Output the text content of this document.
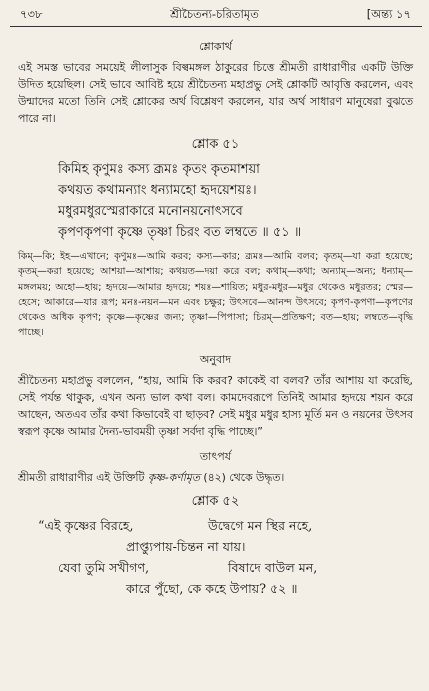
৭৩৮	শ্রীচৈতন্য-চরিতামৃত	[অন্ত্য ১৭
শ্লোকার্থ
এই সমস্ত ভাবের সময়েই লীলাসুক বিল্বমঙ্গল ঠাকুরের চিত্তে শ্রীমতী রাধারাণীর একটি উক্তি উদিত হয়েছিল। সেই ভাবে আবিষ্ট হয়ে শ্রীচৈতন্য মহাপ্রভু সেই শ্লোকটি আবৃত্তি করলেন, এবং উন্মাদের মতো তিনি সেই শ্লোকের অর্থ বিশ্লেষণ করলেন, যার অর্থ সাধারণ মানুষেরা বুঝতে পারে না।
শ্লোক ৫১
কিমিহ কৃণুমঃ কস্য ব্রূমঃ কৃতং কৃতমাশয়া
কথয়ত কথামন্যাং ধন্যামহো হৃদয়েশয়ঃ।
মধুরমধুরস্মেরাকারে মনোনয়নোৎসবে
কৃপণকৃপণা কৃষ্ণে তৃষ্ণা চিরং বত লম্বতে ॥ ৫১ ॥
কিম্—কি; ইহ—এখানে; কৃণুমঃ—আমি করব; কস্য—কার; ব্রূমঃ—আমি বলব; কৃতম্—যা করা হয়েছে; কৃতম্—করা হয়েছে; আশয়া—আশায়; কথয়ত—দয়া করে বল; কথাম্—কথা; অন্যাম্—অন্য; ধন্যাম্—মঙ্গলময়; অহো—হায়; হৃদয়ে—আমার হৃদয়ে; শয়ঃ—শায়িত; মধুর-মধুর—মধুর থেকেও মধুরতর; স্মের—হেসে; আকারে—যার রূপ; মনঃ-নয়ন—মন এবং চক্ষুর; উৎসবে—আনন্দ উৎসবে; কৃপণ-কৃপণা—কৃপণের থেকেও অধিক কৃপণ; কৃষ্ণে—কৃষ্ণের জন্য; তৃষ্ণা—পিপাসা; চিরম্—প্রতিক্ষণ; বত—হায়; লম্বতে—বৃদ্ধি পাচ্ছে।
অনুবাদ
শ্রীচৈতন্য মহাপ্রভু বললেন, “হায়, আমি কি করব? কাকেই বা বলব? তাঁর আশায় যা করেছি, সেই পর্যন্ত থাকুক, এখন অন্য ভাল কথা বল। কামদেবরূপে তিনিই আমার হৃদয়ে শয়ন করে আছেন, অতএব তাঁর কথা কিভাবেই বা ছাড়ব? সেই মধুর মধুর হাস্য মূর্তি মন ও নয়নের উৎসব স্বরূপ কৃষ্ণে আমার দৈন্য-ভাবময়ী তৃষ্ণা সর্বদা বৃদ্ধি পাচ্ছে।”
তাৎপর্য
শ্রীমতী রাধারাণীর এই উক্তিটি কৃষ্ণ-কর্ণামৃত (৪২) থেকে উদ্ধৃত।
শ্লোক ৫২
“এই কৃষ্ণের বিরহে,	উদ্বেগে মন স্থির নহে,
প্রাপ্ত্যুপায়-চিন্তন না যায়।
যেবা তুমি সখীগণ,	বিষাদে বাউল মন,
কারে পুঁছো, কে কহে উপায়? ৫২ ॥
